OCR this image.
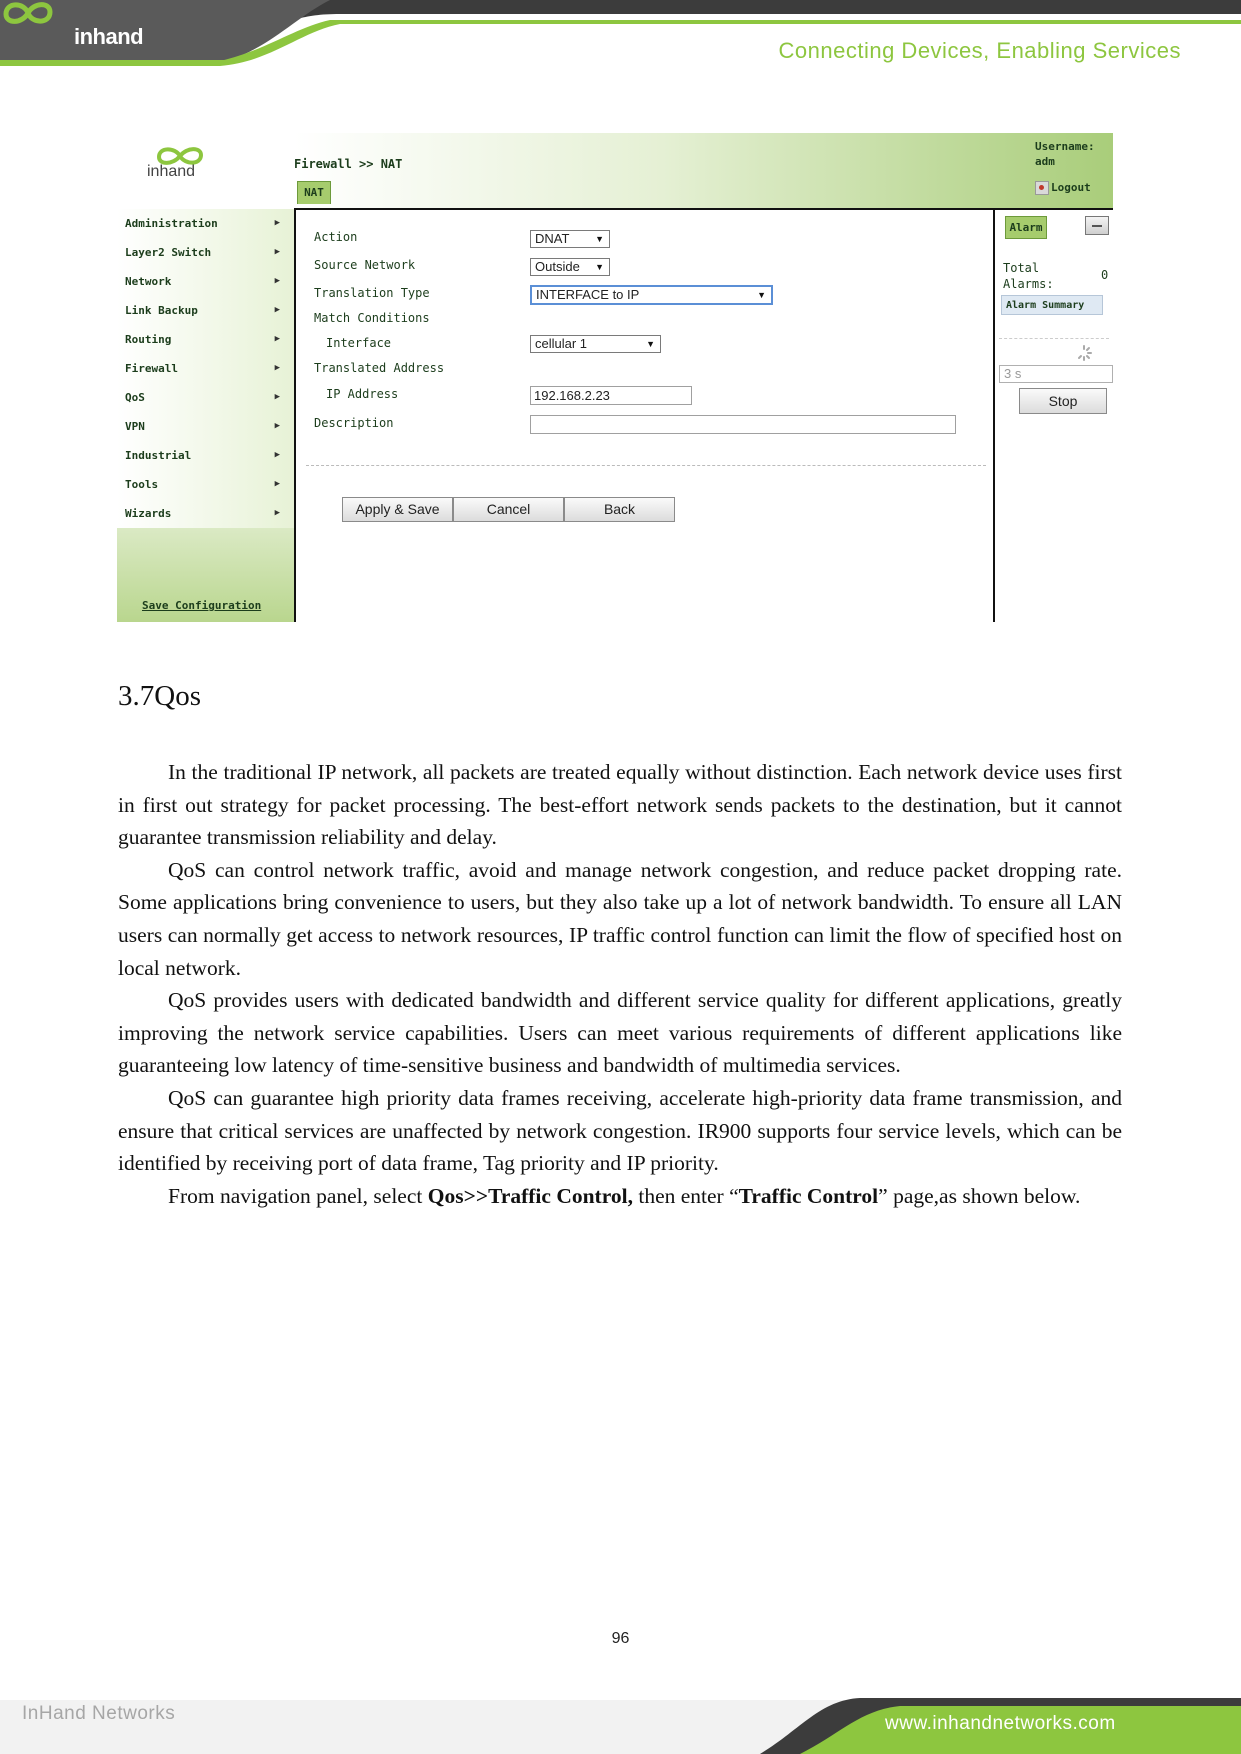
inhand
Connecting Devices, Enabling Services
inhand
Administration	▶
Layer2 Switch	▶
Network	▶
Link Backup	▶
Routing	▶
Firewall	▶
QoS	▶
VPN	▶
Industrial	▶
Tools	▶
Wizards	▶
Save Configuration
Firewall >> NAT
NAT
Username:
adm
Logout
Action	DNAT	▼
Source Network	Outside ▼
Translation Type	INTERFACE to IP	▼
Match Conditions
Interface	cellular 1	▼
Translated Address
IP Address	192.168.2.23
Description
Apply & Save	Cancel	Back
Alarm
Total
Alarms:
0
Alarm Summary
3 s
Stop
3.7Qos

In the traditional IP network, all packets are treated equally without distinction. Each network device uses first in first out strategy for packet processing. The best-effort network sends packets to the destination, but it cannot guarantee transmission reliability and delay.

QoS can control network traffic, avoid and manage network congestion, and reduce packet dropping rate. Some applications bring convenience to users, but they also take up a lot of network bandwidth. To ensure all LAN users can normally get access to network resources, IP traffic control function can limit the flow of specified host on local network.

QoS provides users with dedicated bandwidth and different service quality for different applications, greatly improving the network service capabilities. Users can meet various requirements of different applications like guaranteeing low latency of time-sensitive business and bandwidth of multimedia services.

QoS can guarantee high priority data frames receiving, accelerate high-priority data frame transmission, and ensure that critical services are unaffected by network congestion. IR900 supports four service levels, which can be identified by receiving port of data frame, Tag priority and IP priority.

From navigation panel, select Qos>>Traffic Control, then enter “Traffic Control” page,as shown below.

96
InHand Networks	www.inhandnetworks.com
